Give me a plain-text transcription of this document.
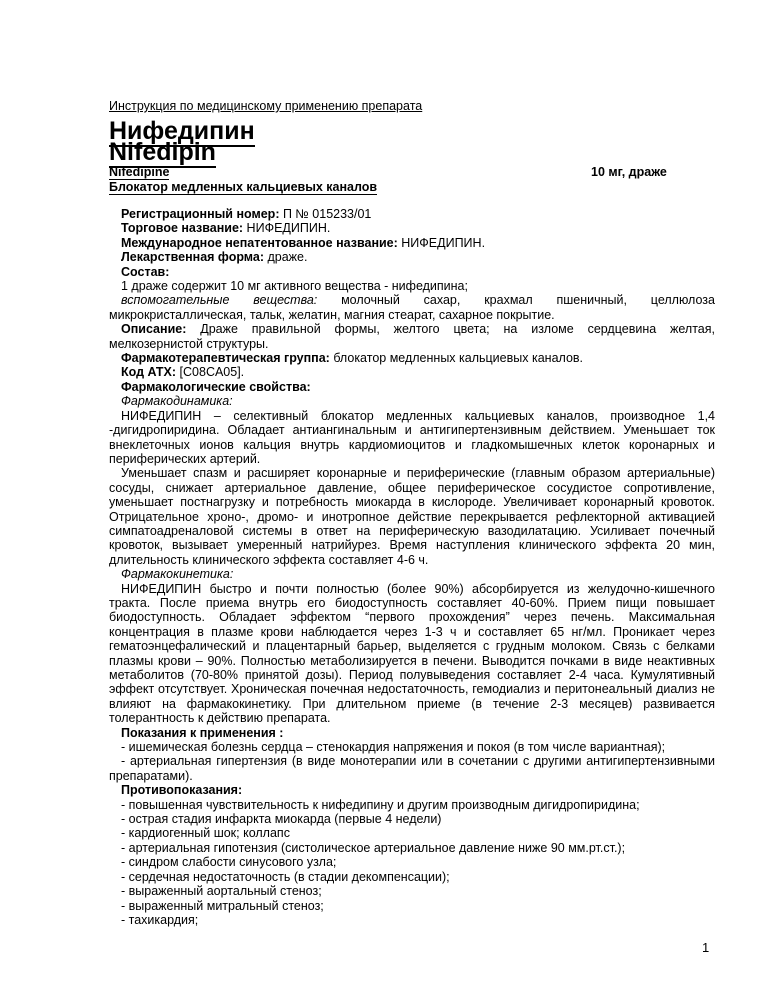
Инструкция по медицинскому применению препарата
Нифедипин
Nifedipin
Nifedipine
Блокатор медленных кальциевых каналов
10 мг, драже

Регистрационный номер: П № 015233/01

Торговое название: НИФЕДИПИН.

Международное непатентованное название: НИФЕДИПИН.

Лекарственная форма: драже.

Состав:

1 драже содержит 10 мг активного вещества - нифедипина;

вспомогательные вещества: молочный сахар, крахмал пшеничный, целлюлоза микрокристаллическая, тальк, желатин, магния стеарат, сахарное покрытие.

Описание: Драже правильной формы, желтого цвета; на изломе сердцевина желтая, мелкозернистой структуры.

Фармакотерапевтическая группа: блокатор медленных кальциевых каналов.

Код АТХ: [C08CA05].

Фармакологические свойства:

Фармакодинамика:

НИФЕДИПИН – селективный блокатор медленных кальциевых каналов, производное 1,4 -дигидропиридина. Обладает антиангинальным и антигипертензивным действием. Уменьшает ток внеклеточных ионов кальция внутрь кардиомиоцитов и гладкомышечных клеток коронарных и периферических артерий.

Уменьшает спазм и расширяет коронарные и периферические (главным образом артериальные) сосуды, снижает артериальное давление, общее периферическое сосудистое сопротивление, уменьшает постнагрузку и потребность миокарда в кислороде. Увеличивает коронарный кровоток. Отрицательное хроно-, дромо- и инотропное действие перекрывается рефлекторной активацией симпатоадреналовой системы в ответ на периферическую вазодилатацию. Усиливает почечный кровоток, вызывает умеренный натрийурез. Время наступления клинического эффекта 20 мин, длительность клинического эффекта составляет 4-6 ч.

Фармакокинетика:

НИФЕДИПИН быстро и почти полностью (более 90%) абсорбируется из желудочно-кишечного тракта. После приема внутрь его биодоступность составляет 40-60%. Прием пищи повышает биодоступность. Обладает эффектом “первого прохождения” через печень. Максимальная концентрация в плазме крови наблюдается через 1-3 ч и составляет 65 нг/мл. Проникает через гематоэнцефалический и плацентарный барьер, выделяется с грудным молоком. Связь с белками плазмы крови – 90%. Полностью метаболизируется в печени. Выводится почками в виде неактивных метаболитов (70-80% принятой дозы). Период полувыведения составляет 2-4 часа. Кумулятивный эффект отсутствует. Хроническая почечная недостаточность, гемодиализ и перитонеальный диализ не влияют на фармакокинетику. При длительном приеме (в течение 2-3 месяцев) развивается толерантность к действию препарата.

Показания к применения :

- ишемическая болезнь сердца – стенокардия напряжения и покоя (в том числе вариантная);

- артериальная гипертензия (в виде монотерапии или в сочетании с другими антигипертензивными препаратами).

Противопоказания:

- повышенная чувствительность к нифедипину и другим производным дигидропиридина;

- острая стадия инфаркта миокарда (первые 4 недели)

- кардиогенный шок; коллапс

- артериальная гипотензия (систолическое артериальное давление ниже 90 мм.рт.ст.);

- синдром слабости синусового узла;

- сердечная недостаточность (в стадии декомпенсации);

- выраженный аортальный стеноз;

- выраженный митральный стеноз;

- тахикардия;

1
